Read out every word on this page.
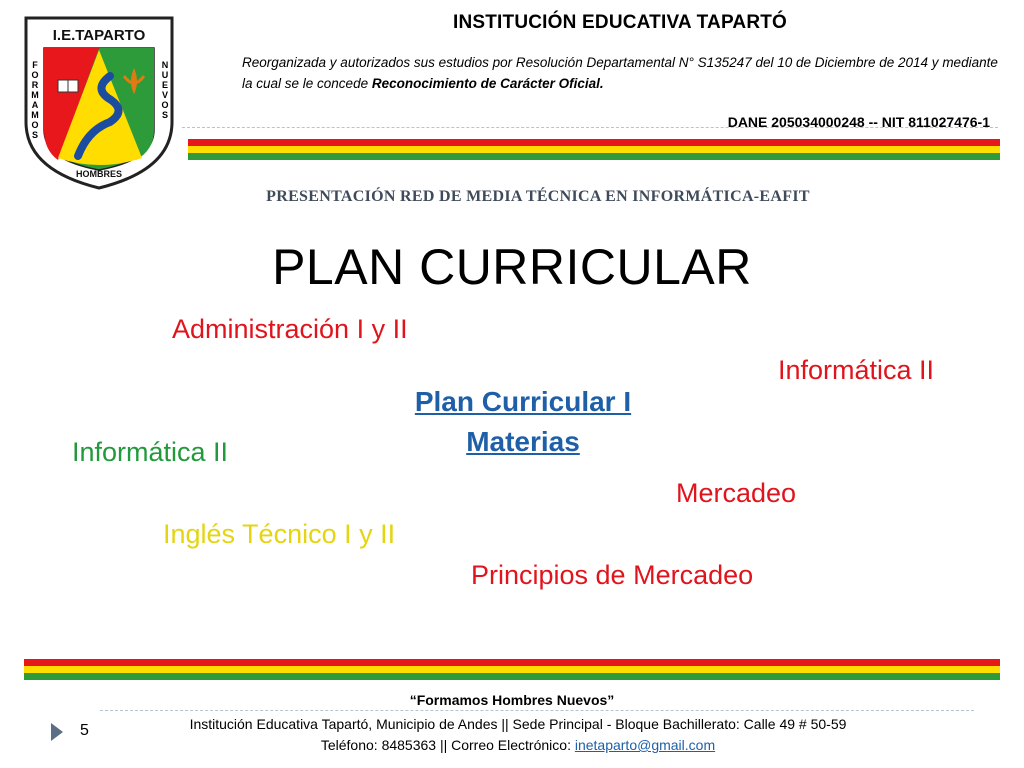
I.E.TAPARTO
HOMBRES
FORMAMOS
NUEVOS
INSTITUCIÓN EDUCATIVA TAPARTÓ
Reorganizada y autorizados sus estudios por Resolución Departamental N° S135247 del 10 de Diciembre de 2014 y mediante la cual se le concede Reconocimiento de Carácter Oficial.
DANE 205034000248 -- NIT 811027476-1
PRESENTACIÓN RED DE MEDIA TÉCNICA EN INFORMÁTICA-EAFIT
PLAN CURRICULAR
Administración I y II
Informática II
Informática II
Mercadeo
Inglés Técnico I y II
Principios de Mercadeo
Plan Curricular I
Materias
“Formamos Hombres Nuevos”
5	Institución Educativa Tapartó, Municipio de Andes || Sede Principal - Bloque Bachillerato: Calle 49 # 50-59
Teléfono: 8485363 || Correo Electrónico: inetaparto@gmail.com
